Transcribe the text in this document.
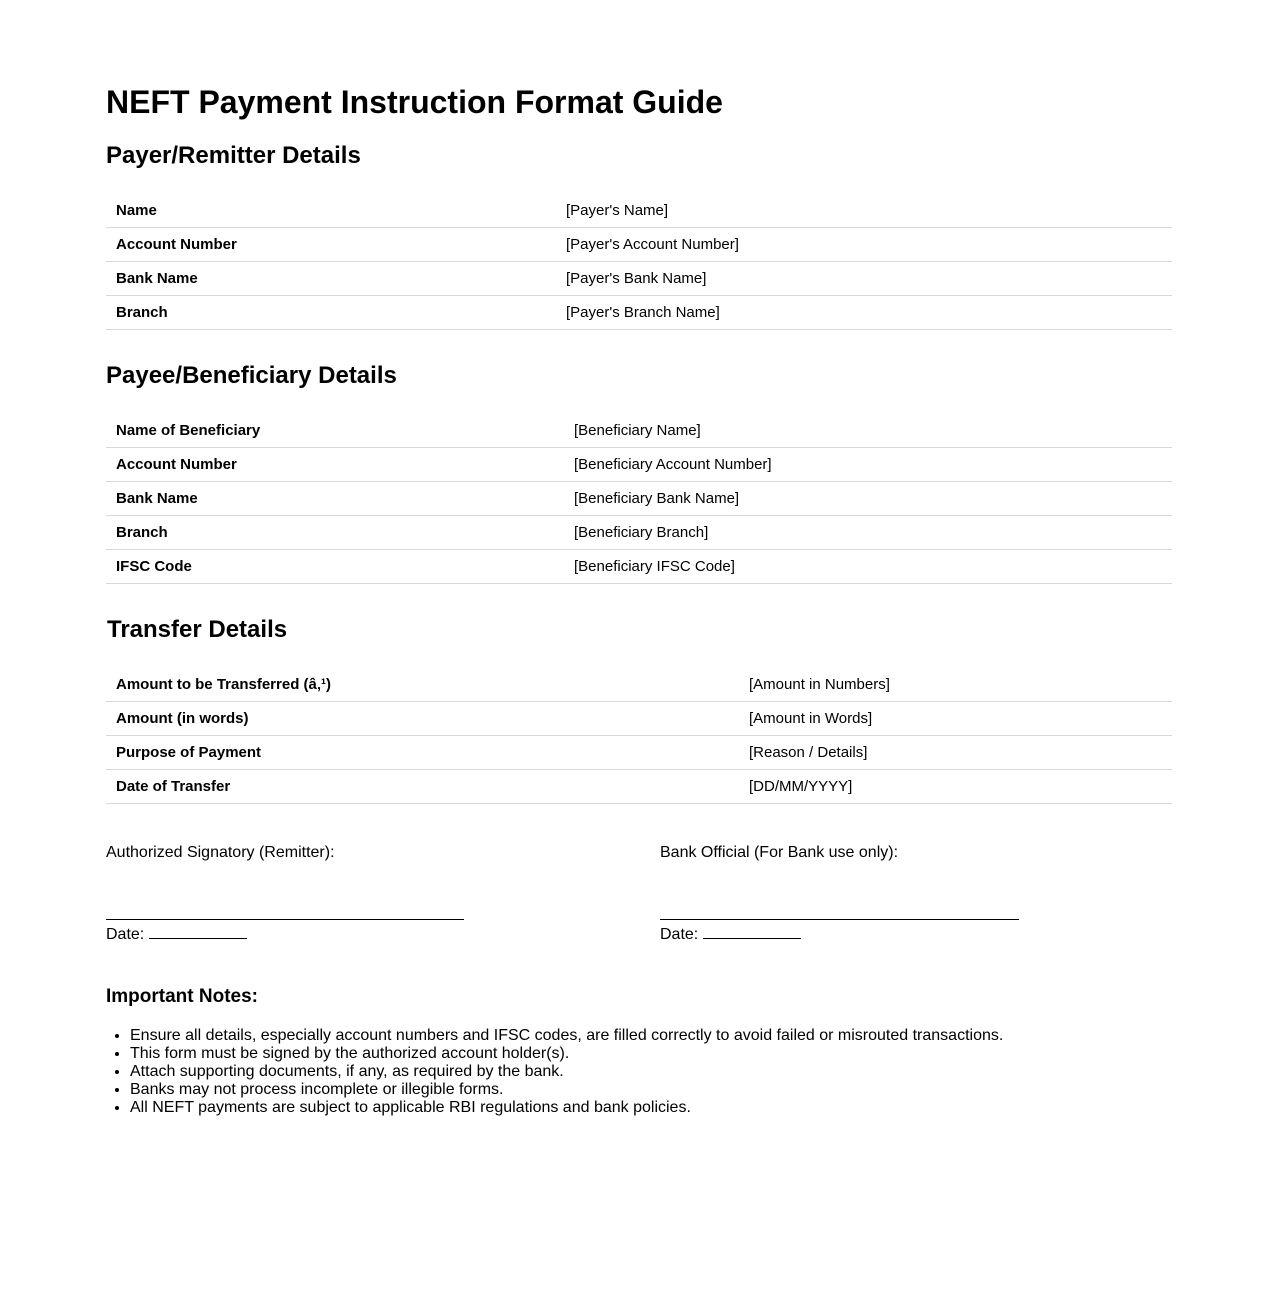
NEFT Payment Instruction Format Guide
Payer/Remitter Details
Name	[Payer's Name]
Account Number	[Payer's Account Number]
Bank Name	[Payer's Bank Name]
Branch	[Payer's Branch Name]
Payee/Beneficiary Details
Name of Beneficiary	[Beneficiary Name]
Account Number	[Beneficiary Account Number]
Bank Name	[Beneficiary Bank Name]
Branch	[Beneficiary Branch]
IFSC Code	[Beneficiary IFSC Code]
Transfer Details
Amount to be Transferred (â‚¹)	[Amount in Numbers]
Amount (in words)	[Amount in Words]
Purpose of Payment	[Reason / Details]
Date of Transfer	[DD/MM/YYYY]
Authorized Signatory (Remitter):
Date:
Bank Official (For Bank use only):
Date:
Important Notes:
• Ensure all details, especially account numbers and IFSC codes, are filled correctly to avoid failed or misrouted transactions.
• This form must be signed by the authorized account holder(s).
• Attach supporting documents, if any, as required by the bank.
• Banks may not process incomplete or illegible forms.
• All NEFT payments are subject to applicable RBI regulations and bank policies.
